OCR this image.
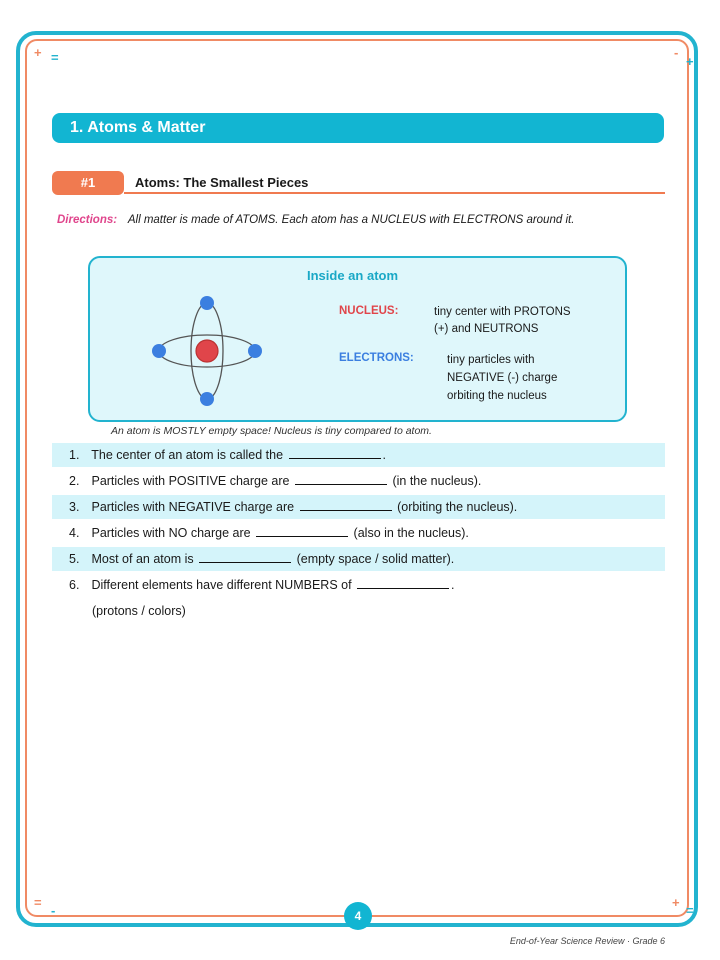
+ =	-
+
=
-
+
=
1. Atoms & Matter
#1	Atoms: The Smallest Pieces
Directions: All matter is made of ATOMS. Each atom has a NUCLEUS with ELECTRONS around it.
Inside an atom
NUCLEUS:	tiny center with PROTONS
(+) and NEUTRONS
ELECTRONS:	tiny particles with
NEGATIVE (-) charge
orbiting the nucleus
An atom is MOSTLY empty space! Nucleus is tiny compared to atom.
1. The center of an atom is called the	.
2. Particles with POSITIVE charge are	(in the nucleus).
3. Particles with NEGATIVE charge are	(orbiting the nucleus).
4. Particles with NO charge are	(also in the nucleus).
5. Most of an atom is	(empty space / solid matter).
6. Different elements have different NUMBERS of	.
(protons / colors)
4
End-of-Year Science Review · Grade 6
